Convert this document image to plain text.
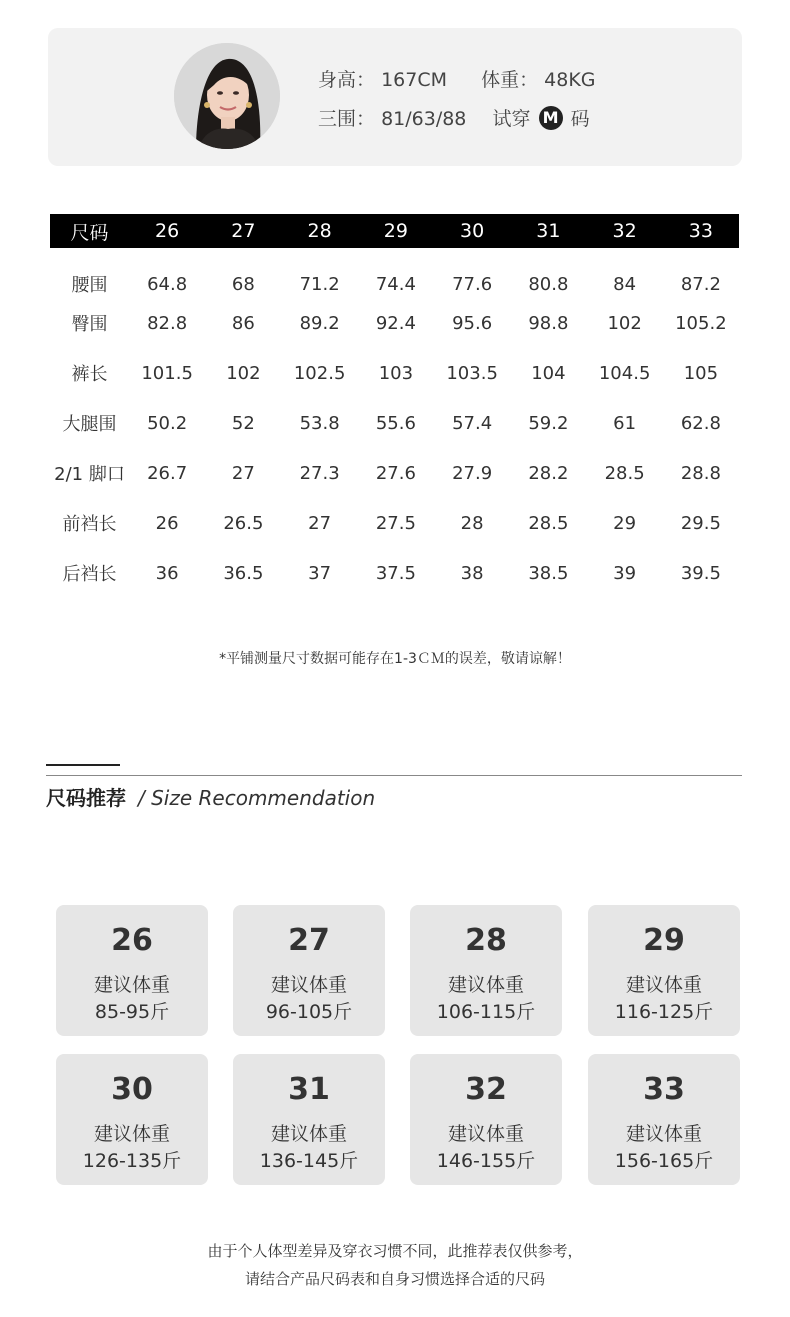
身高： 167CM 体重： 48KG
三围： 81/63/88 试穿 M 码
尺码	26	27	28	29	30	31	32	33
腰围	64.8	68	71.2	74.4	77.6	80.8	84	87.2
臀围	82.8	86	89.2	92.4	95.6	98.8	102	105.2
裤长	101.5	102	102.5	103	103.5	104	104.5	105
大腿围	50.2	52	53.8	55.6	57.4	59.2	61	62.8
2/1 脚口	26.7	27	27.3	27.6	27.9	28.2	28.5	28.8
前裆长	26	26.5	27	27.5	28	28.5	29	29.5
后裆长	36	36.5	37	37.5	38	38.5	39	39.5
*平铺测量尺寸数据可能存在1-3ＣＭ的误差，敬请谅解！
尺码推荐 / Size Recommendation
26
建议体重
85-95斤
27
建议体重
96-105斤
28
建议体重
106-115斤
29
建议体重
116-125斤
30
建议体重
126-135斤
31
建议体重
136-145斤
32
建议体重
146-155斤
33
建议体重
156-165斤
由于个人体型差异及穿衣习惯不同，此推荐表仅供参考，
请结合产品尺码表和自身习惯选择合适的尺码
